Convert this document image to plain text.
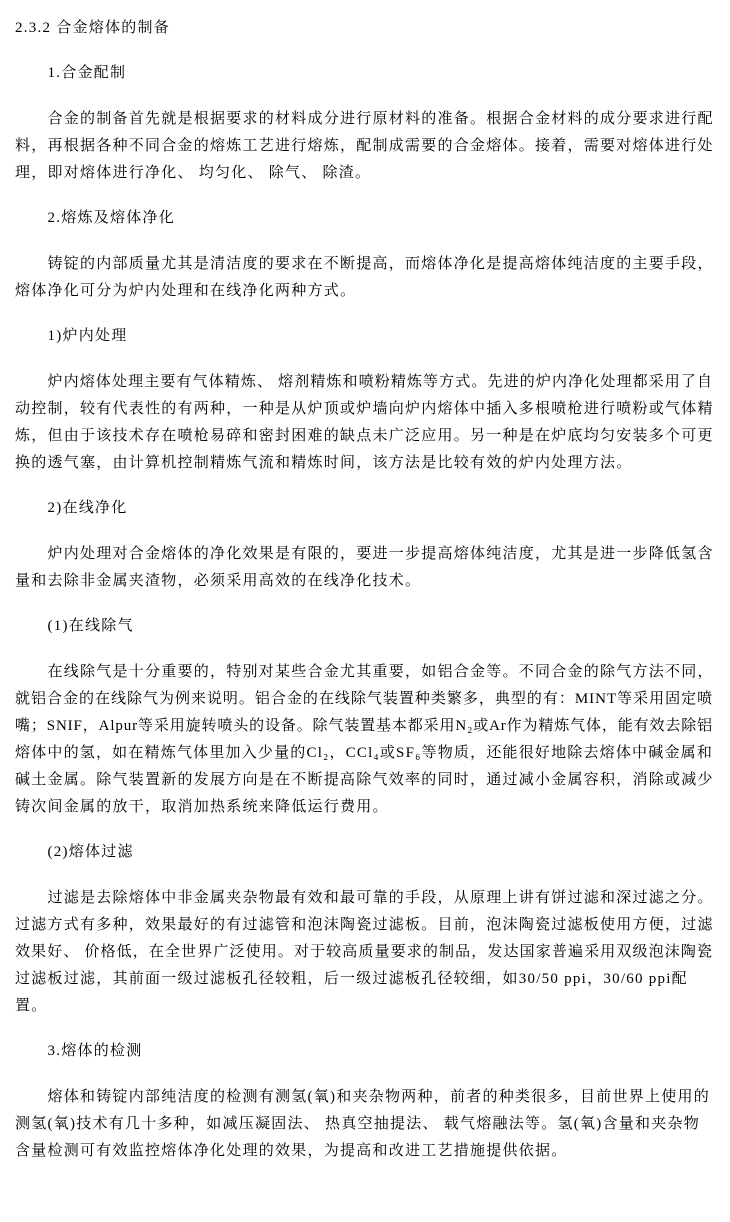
2.3.2 合金熔体的制备
1.合金配制
合金的制备首先就是根据要求的材料成分进行原材料的准备。根据合金材料的成分要求进行配
料，再根据各种不同合金的熔炼工艺进行熔炼，配制成需要的合金熔体。接着，需要对熔体进行处
理，即对熔体进行净化、 均匀化、 除气、 除渣。
2.熔炼及熔体净化
铸锭的内部质量尤其是清洁度的要求在不断提高，而熔体净化是提高熔体纯洁度的主要手段，
熔体净化可分为炉内处理和在线净化两种方式。
1)炉内处理
炉内熔体处理主要有气体精炼、 熔剂精炼和喷粉精炼等方式。先进的炉内净化处理都采用了自
动控制，较有代表性的有两种，一种是从炉顶或炉墙向炉内熔体中插入多根喷枪进行喷粉或气体精
炼，但由于该技术存在喷枪易碎和密封困难的缺点未广泛应用。另一种是在炉底均匀安装多个可更
换的透气塞，由计算机控制精炼气流和精炼时间，该方法是比较有效的炉内处理方法。
2)在线净化
炉内处理对合金熔体的净化效果是有限的，要进一步提高熔体纯洁度，尤其是进一步降低氢含
量和去除非金属夹渣物，必须采用高效的在线净化技术。
(1)在线除气
在线除气是十分重要的，特别对某些合金尤其重要，如铝合金等。不同合金的除气方法不同，
就铝合金的在线除气为例来说明。铝合金的在线除气装置种类繁多，典型的有：MINT等采用固定喷
嘴；SNIF，Alpur等采用旋转喷头的设备。除气装置基本都采用N₂或Ar作为精炼气体，能有效去除铝
熔体中的氢，如在精炼气体里加入少量的Cl₂，CCl₄或SF₆等物质，还能很好地除去熔体中碱金属和
碱土金属。除气装置新的发展方向是在不断提高除气效率的同时，通过减小金属容积，消除或减少
铸次间金属的放干，取消加热系统来降低运行费用。
(2)熔体过滤
过滤是去除熔体中非金属夹杂物最有效和最可靠的手段，从原理上讲有饼过滤和深过滤之分。
过滤方式有多种，效果最好的有过滤管和泡沫陶瓷过滤板。目前，泡沫陶瓷过滤板使用方便，过滤
效果好、 价格低，在全世界广泛使用。对于较高质量要求的制品，发达国家普遍采用双级泡沫陶瓷
过滤板过滤，其前面一级过滤板孔径较粗，后一级过滤板孔径较细，如30/50 ppi，30/60 ppi配
置。
3.熔体的检测
熔体和铸锭内部纯洁度的检测有测氢(氧)和夹杂物两种，前者的种类很多，目前世界上使用的
测氢(氧)技术有几十多种，如减压凝固法、 热真空抽提法、 载气熔融法等。氢(氧)含量和夹杂物
含量检测可有效监控熔体净化处理的效果，为提高和改进工艺措施提供依据。
